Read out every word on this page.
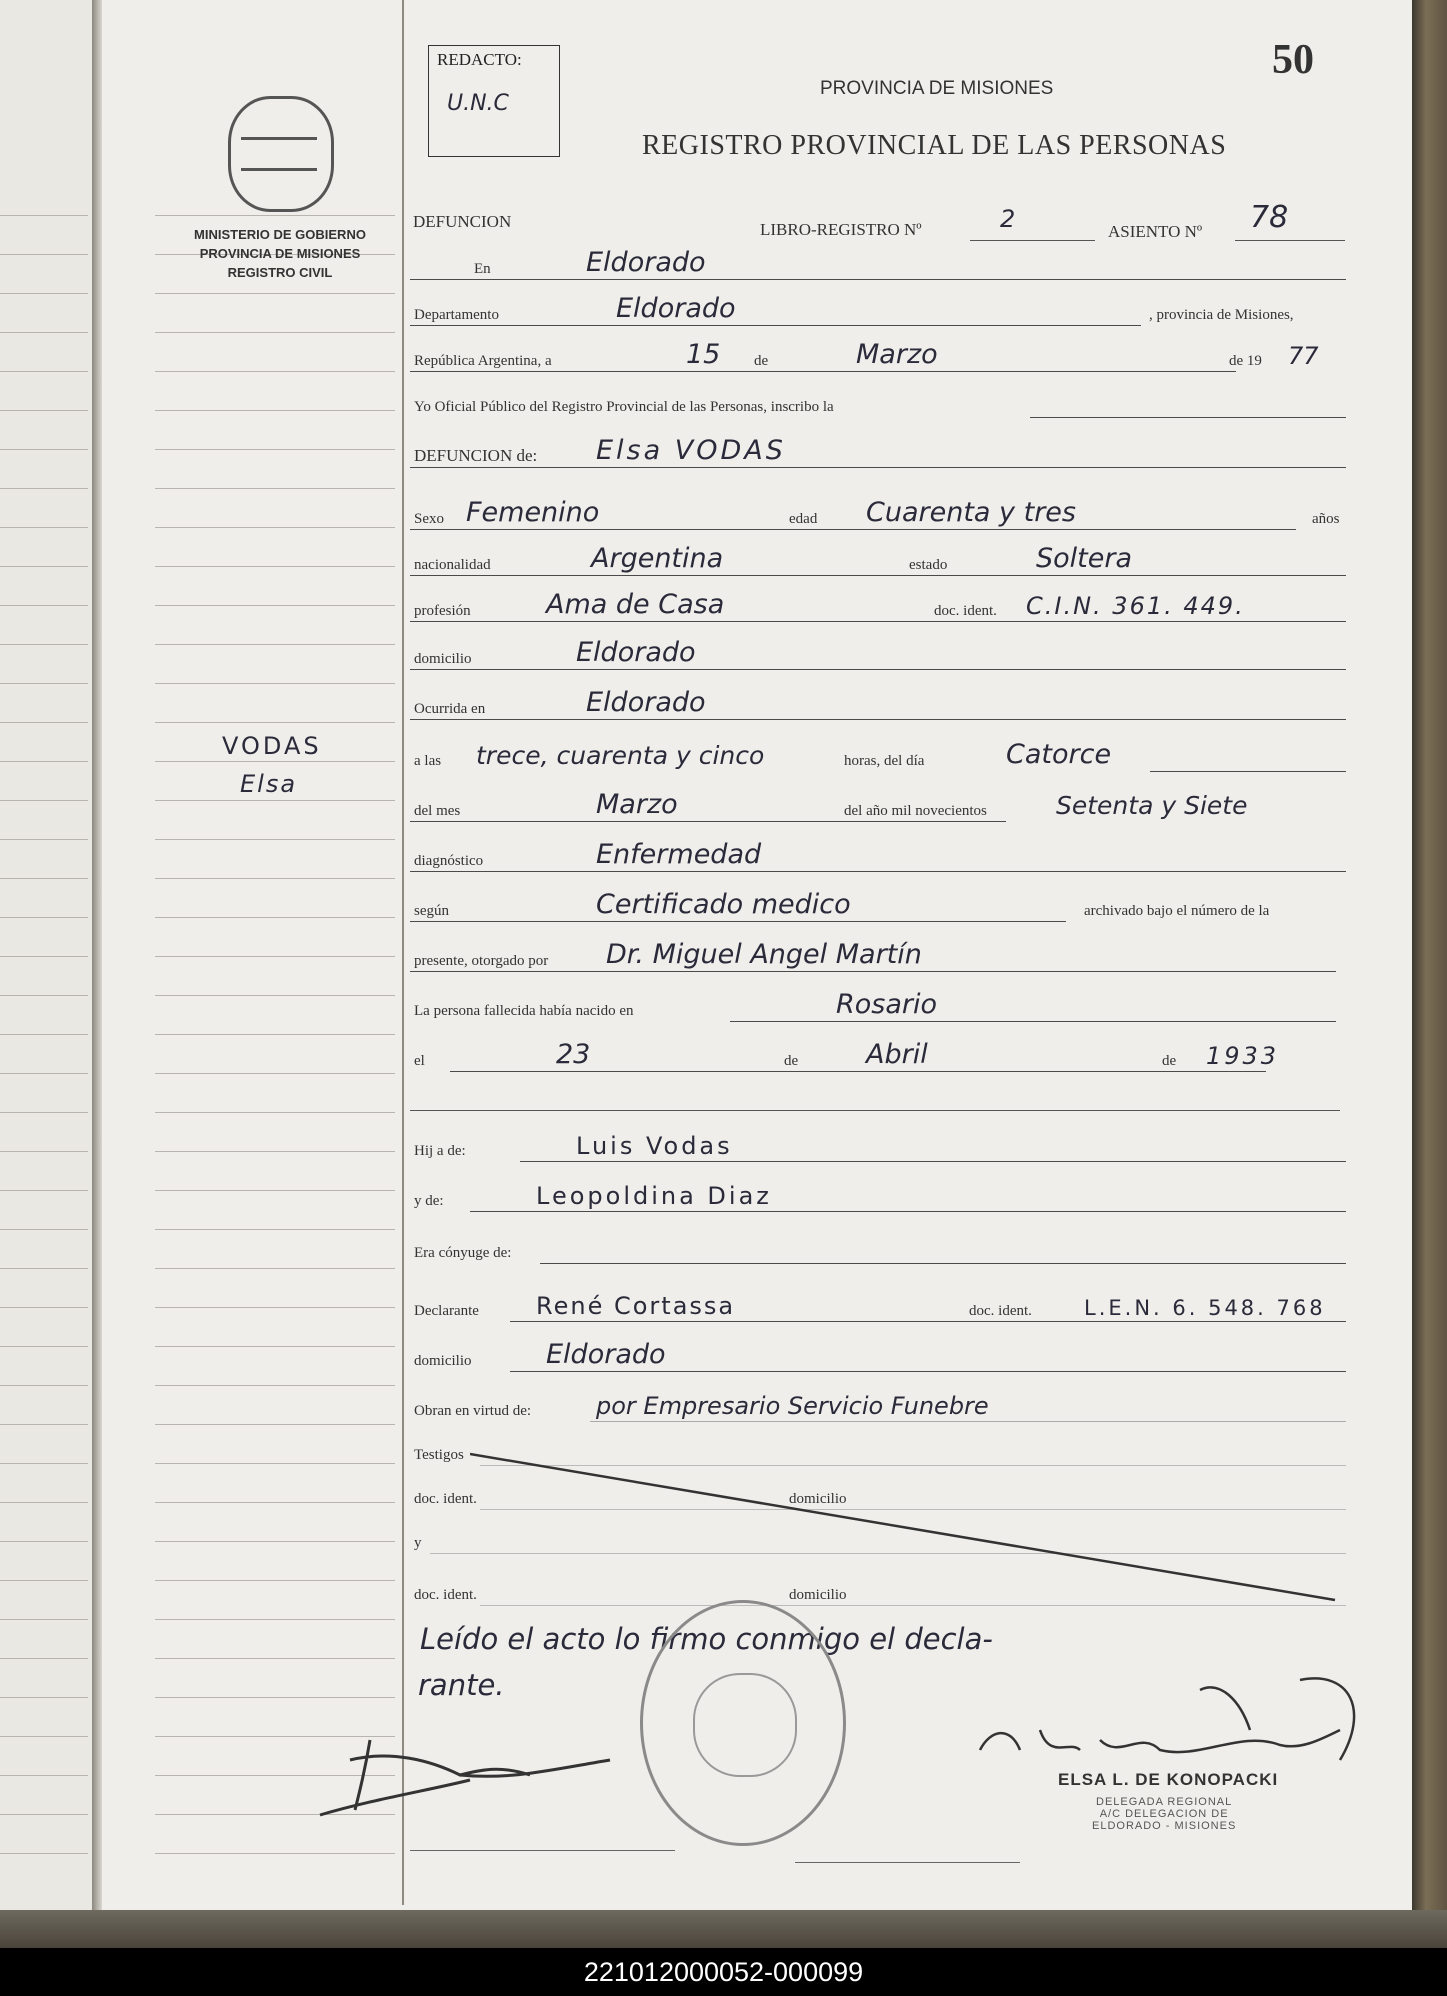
MINISTERIO DE GOBIERNO
PROVINCIA DE MISIONES
REGISTRO CIVIL
VODAS
Elsa
REDACTO:
U.N.C
50
PROVINCIA DE MISIONES
REGISTRO PROVINCIAL DE LAS PERSONAS
DEFUNCION	LIBRO-REGISTRO Nº	2	ASIENTO Nº 78
En	Eldorado
Departamento	Eldorado	, provincia de Misiones,
República Argentina, a	15	de	Marzo	de 19 77
Yo Oficial Público del Registro Provincial de las Personas, inscribo la
DEFUNCION de: Elsa VODAS
Sexo Femenino	edad Cuarenta y tres	años
nacionalidad	Argentina	estado	Soltera
profesión	Ama de Casa	doc. ident. C.I.N. 361. 449.
domicilio	Eldorado
Ocurrida en	Eldorado
a las trece, cuarenta y cinco	horas, del día	Catorce
del mes	Marzo	del año mil novecientos	Setenta y Siete
diagnóstico	Enfermedad
según	Certificado medico	archivado bajo el número de la
presente, otorgado por Dr. Miguel Angel Martín
La persona fallecida había nacido en	Rosario
el	23	de	Abril	de 1933
Hij a de:	Luis Vodas
y de:	Leopoldina Diaz
Era cónyuge de:
Declarante René Cortassa	doc. ident. L.E.N. 6. 548. 768
domicilio	Eldorado
Obran en virtud de:	por Empresario Servicio Funebre
Testigos
doc. ident.	domicilio
y
doc. ident.	domicilio
Leído el acto lo firmo conmigo el decla-
rante.
ELSA L. DE KONOPACKI
DELEGADA REGIONAL
A/C DELEGACION DE
ELDORADO - MISIONES
221012000052-000099
